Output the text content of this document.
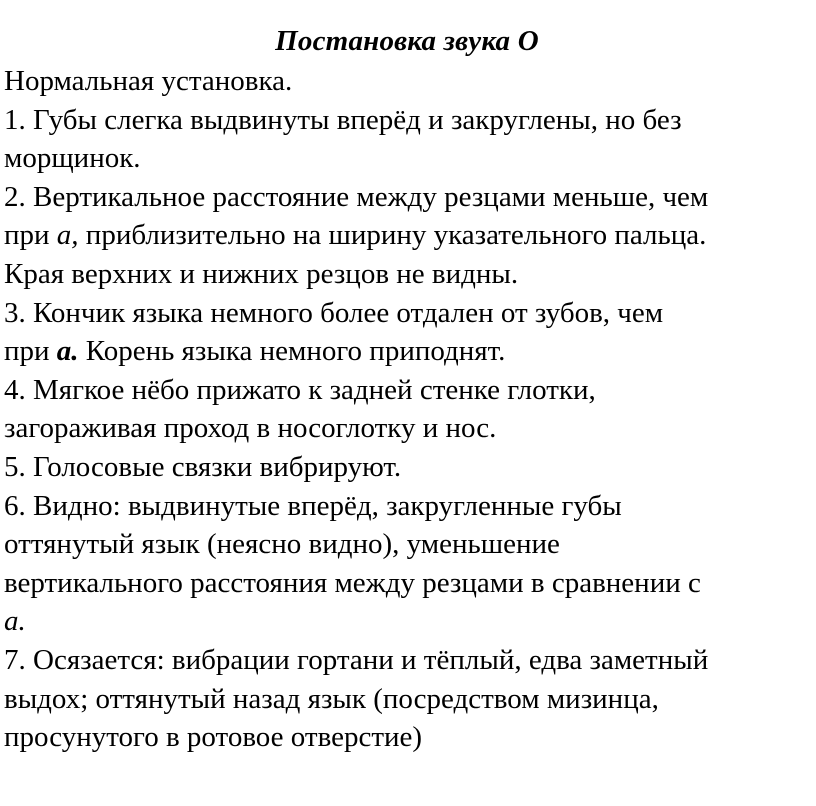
Постановка звука О
Нормальная установка.
1. Губы слегка выдвинуты вперёд и закруглены, но без
морщинок.
2. Вертикальное расстояние между резцами меньше, чем
при а, приблизительно на ширину указательного пальца.
Края верхних и нижних резцов не видны.
3. Кончик языка немного более отдален от зубов, чем
при а. Корень языка немного приподнят.
4. Мягкое нёбо прижато к задней стенке глотки,
загораживая проход в носоглотку и нос.
5. Голосовые связки вибрируют.
6. Видно: выдвинутые вперёд, закругленные губы
оттянутый язык (неясно видно), уменьшение
вертикального расстояния между резцами в сравнении с
а.
7. Осязается: вибрации гортани и тёплый, едва заметный
выдох; оттянутый назад язык (посредством мизинца,
просунутого в ротовое отверстие)
